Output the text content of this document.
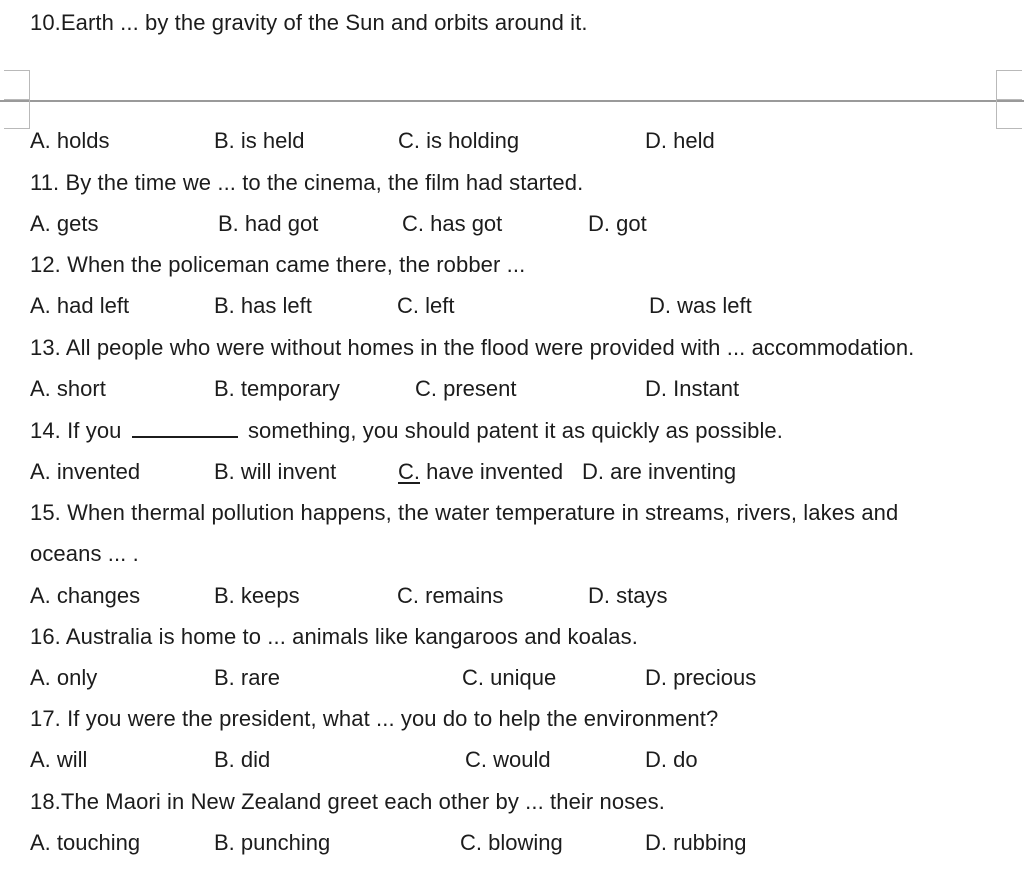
10.Earth ... by the gravity of the Sun and orbits around it.
A. holds	B. is held	C. is holding	D. held
11. By the time we ... to the cinema, the film had started.
A. gets	B. had got	C. has got	D. got
12. When the policeman came there, the robber ...
A. had left	B. has left	C. left	D. was left
13. All people who were without homes in the flood were provided with ... accommodation.
A. short	B. temporary	C. present	D. Instant
14. If you	something, you should patent it as quickly as possible.
A. invented	B. will invent	C. have invented D. are inventing
15. When thermal pollution happens, the water temperature in streams, rivers, lakes and
oceans ... .
A. changes	B. keeps	C. remains	D. stays
16. Australia is home to ... animals like kangaroos and koalas.
A. only	B. rare	C. unique	D. precious
17. If you were the president, what ... you do to help the environment?
A. will	B. did	C. would	D. do
18.The Maori in New Zealand greet each other by ... their noses.
A. touching	B. punching	C. blowing	D. rubbing
